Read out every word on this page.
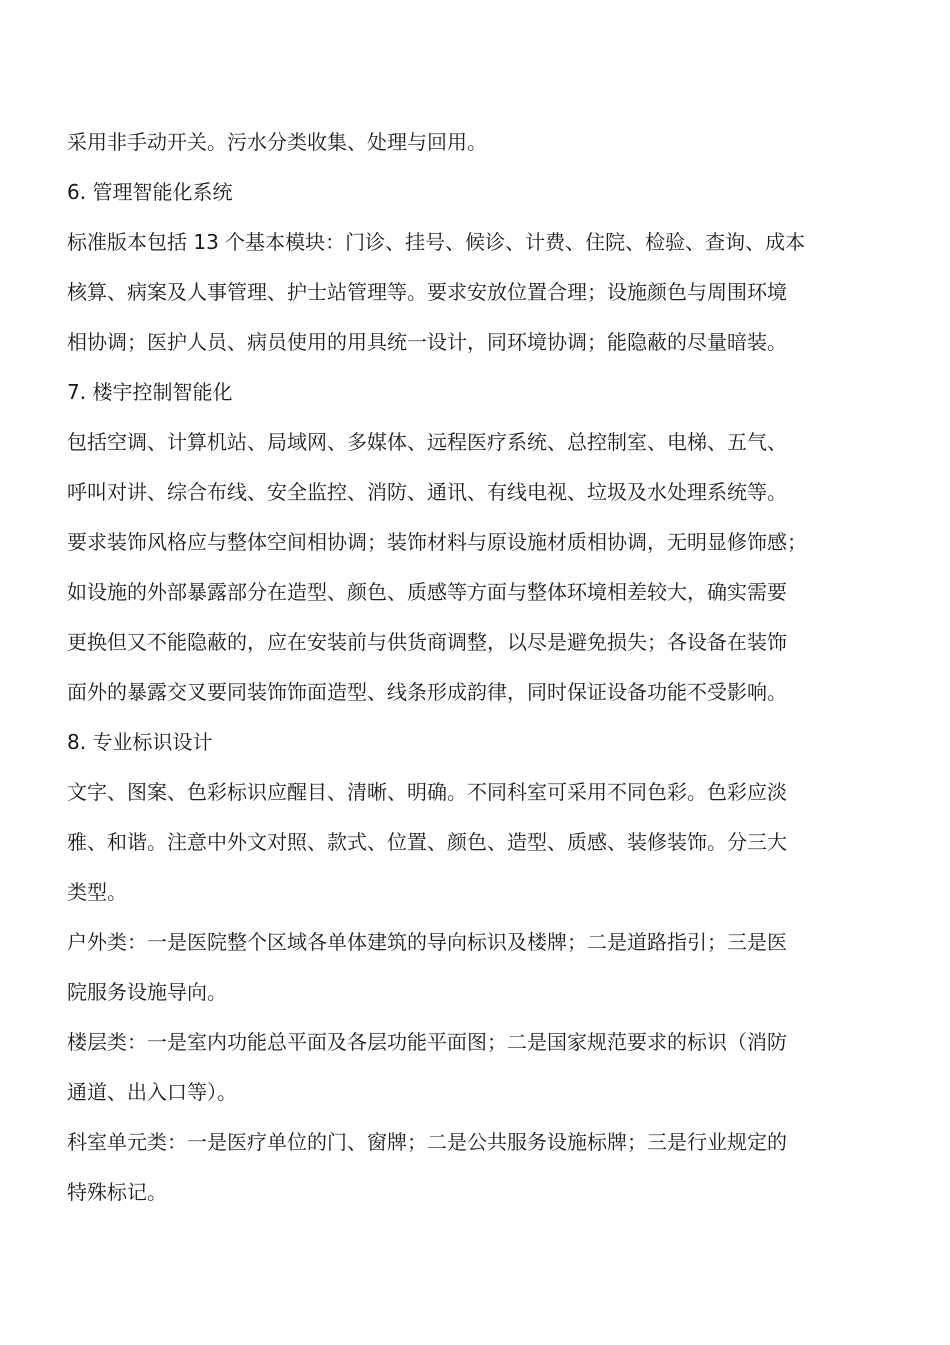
采用非手动开关。污水分类收集、处理与回用。
6. 管理智能化系统
标准版本包括 13 个基本模块：门诊、挂号、候诊、计费、住院、检验、查询、成本
核算、病案及人事管理、护士站管理等。要求安放位置合理；设施颜色与周围环境
相协调；医护人员、病员使用的用具统一设计，同环境协调；能隐蔽的尽量暗装。
7. 楼宇控制智能化
包括空调、计算机站、局域网、多媒体、远程医疗系统、总控制室、电梯、五气、
呼叫对讲、综合布线、安全监控、消防、通讯、有线电视、垃圾及水处理系统等。
要求装饰风格应与整体空间相协调；装饰材料与原设施材质相协调，无明显修饰感；
如设施的外部暴露部分在造型、颜色、质感等方面与整体环境相差较大，确实需要
更换但又不能隐蔽的，应在安装前与供货商调整，以尽是避免损失；各设备在装饰
面外的暴露交叉要同装饰饰面造型、线条形成韵律，同时保证设备功能不受影响。
8. 专业标识设计
文字、图案、色彩标识应醒目、清晰、明确。不同科室可采用不同色彩。色彩应淡
雅、和谐。注意中外文对照、款式、位置、颜色、造型、质感、装修装饰。分三大
类型。
户外类：一是医院整个区域各单体建筑的导向标识及楼牌；二是道路指引；三是医
院服务设施导向。
楼层类：一是室内功能总平面及各层功能平面图；二是国家规范要求的标识（消防
通道、出入口等）。
科室单元类：一是医疗单位的门、窗牌；二是公共服务设施标牌；三是行业规定的
特殊标记。
